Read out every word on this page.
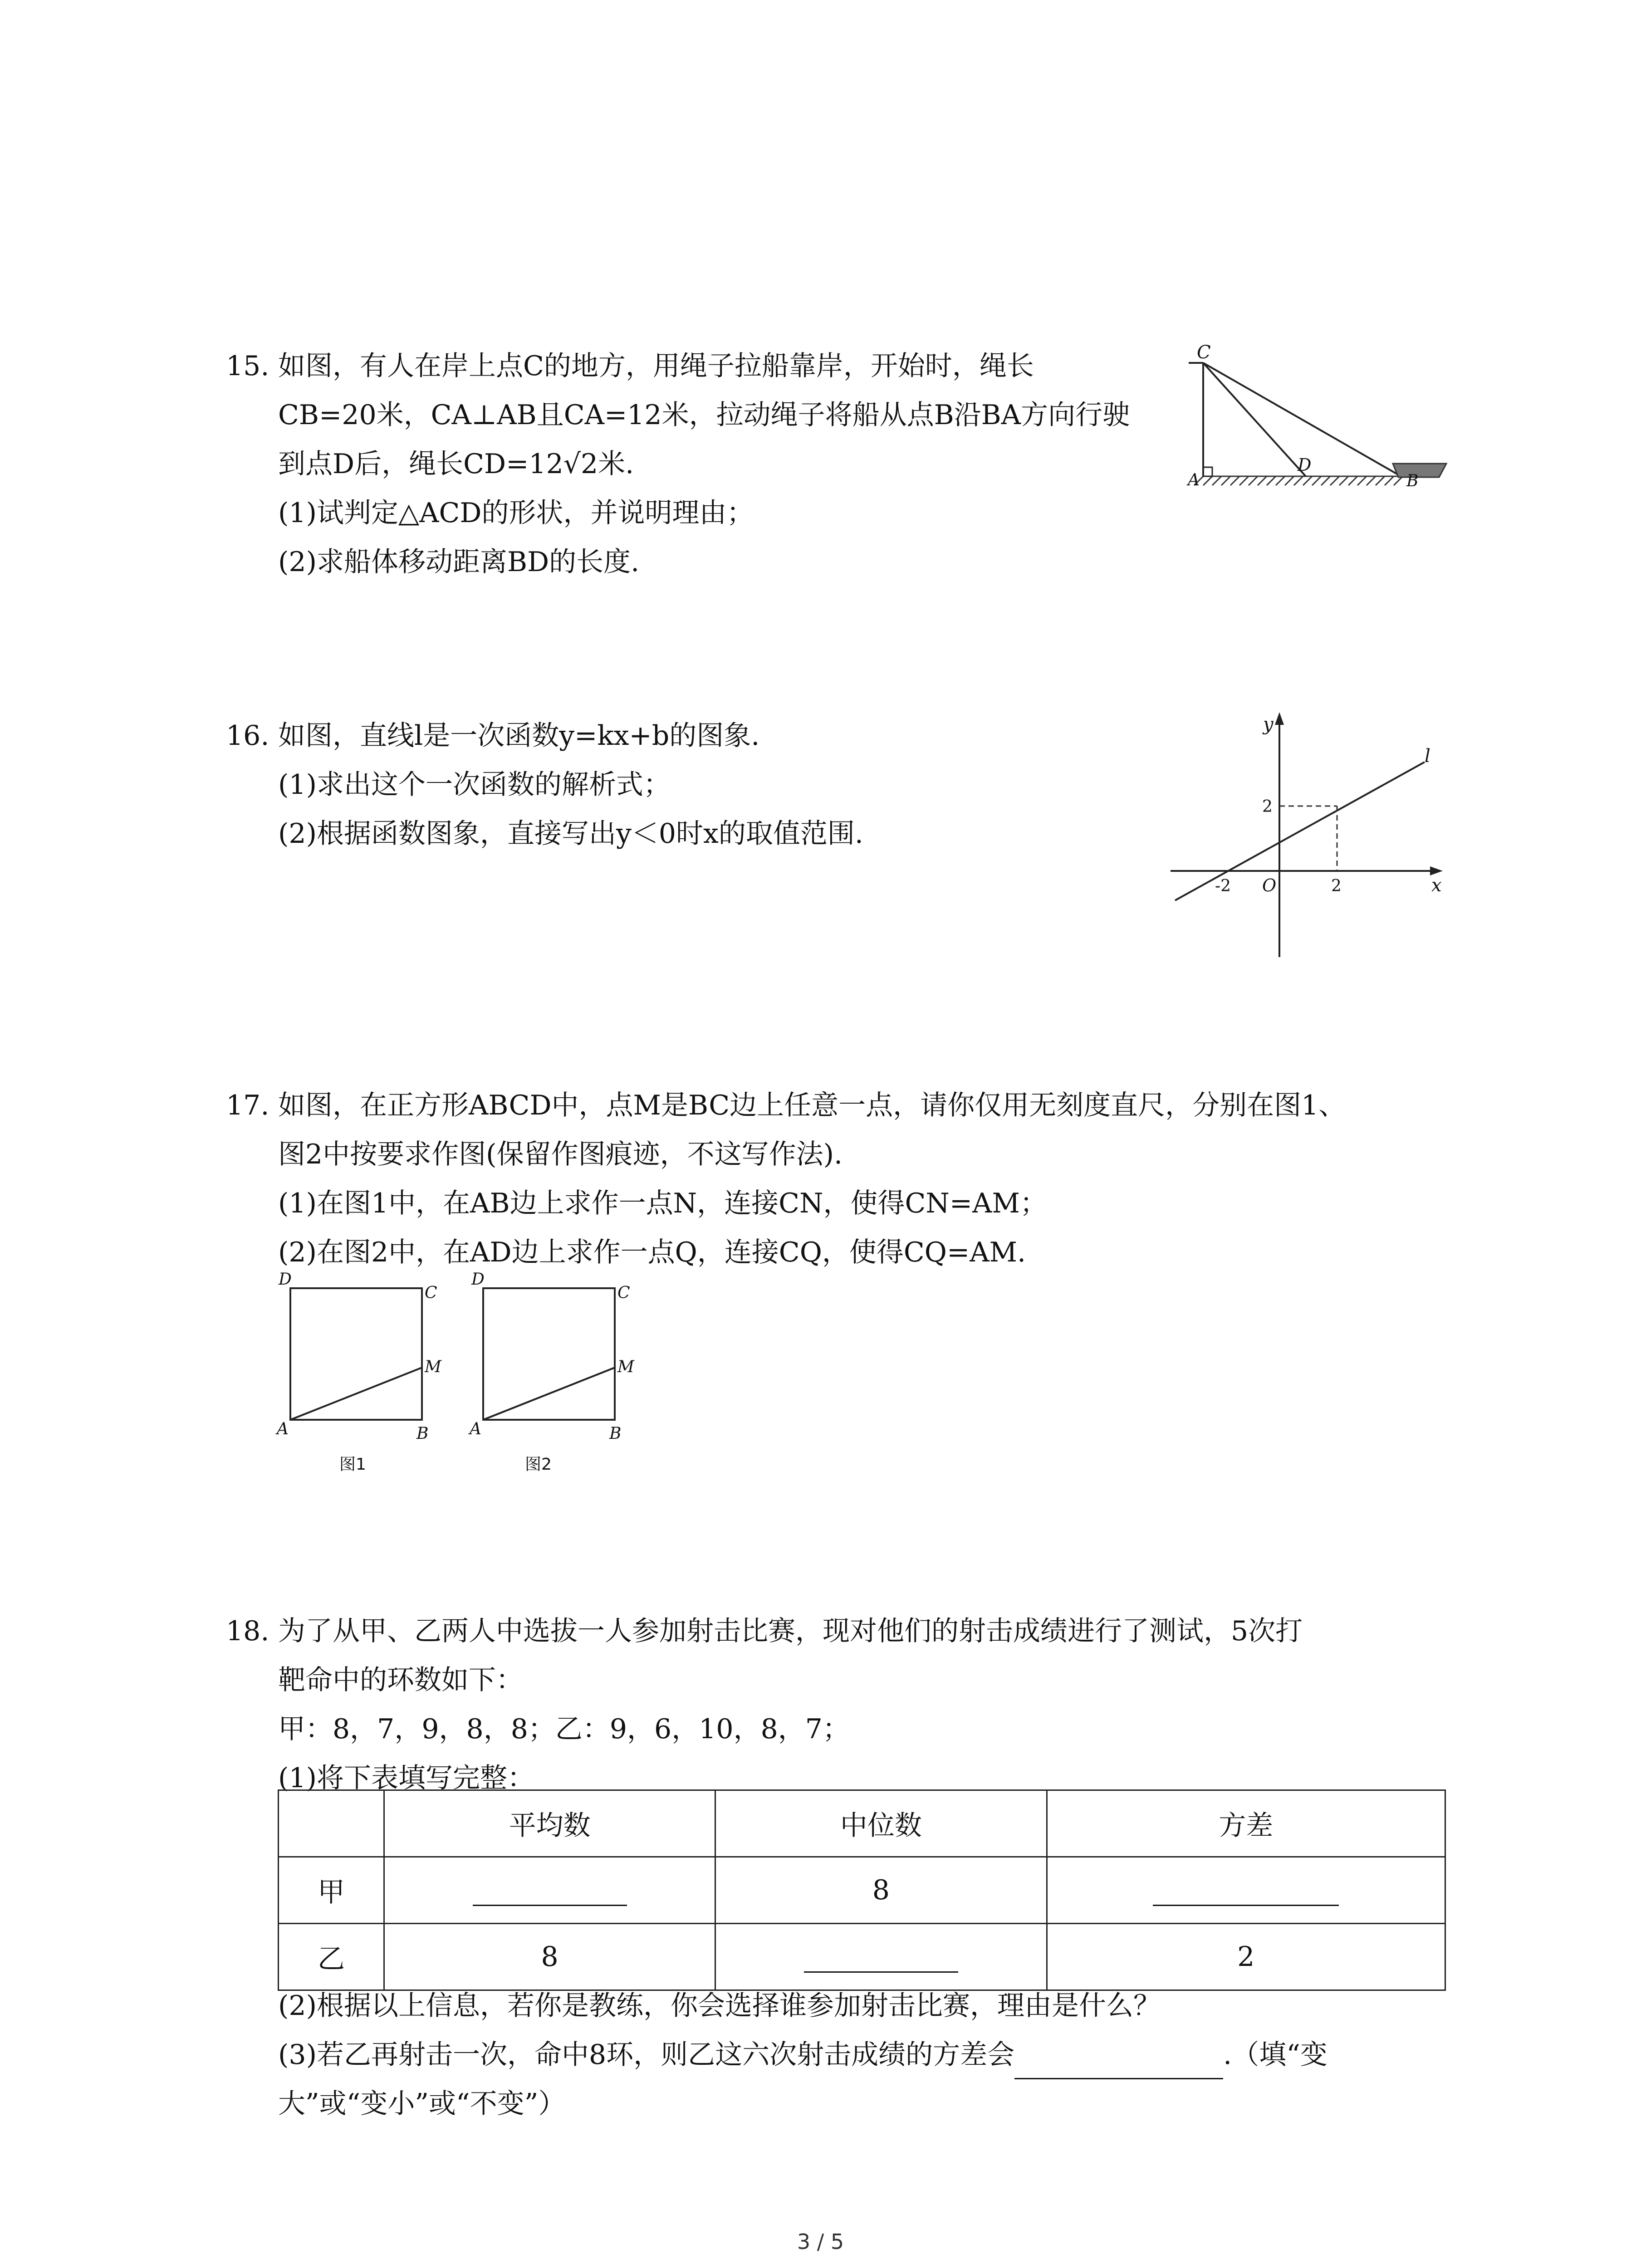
15. 如图，有人在岸上点C的地方，用绳子拉船靠岸，开始时，绳长
CB=20米，CA⊥AB且CA=12米，拉动绳子将船从点B沿BA方向行驶
到点D后，绳长CD=12√2米.
(1)试判定△ACD的形状，并说明理由；
(2)求船体移动距离BD的长度.
C
A
D
B
16. 如图，直线l是一次函数y=kx+b的图象.
(1)求出这个一次函数的解析式；
(2)根据函数图象，直接写出y＜0时x的取值范围.
y
x
l
O
-2	2
2
17. 如图，在正方形ABCD中，点M是BC边上任意一点，请你仅用无刻度直尺，分别在图1、
图2中按要求作图(保留作图痕迹，不这写作法).
(1)在图1中，在AB边上求作一点N，连接CN，使得CN=AM；
(2)在图2中，在AD边上求作一点Q，连接CQ，使得CQ=AM.
D
C
M
A	B
图1
D
C
M
A	B
图2
18. 为了从甲、乙两人中选拔一人参加射击比赛，现对他们的射击成绩进行了测试，5次打
靶命中的环数如下：
甲：8，7，9，8，8；乙：9，6，10，8，7；
(1)将下表填写完整：
	平均数	中位数	方差
甲		8	
乙	8		2
(2)根据以上信息，若你是教练，你会选择谁参加射击比赛，理由是什么？
(3)若乙再射击一次，命中8环，则乙这六次射击成绩的方差会	.（填“变
大”或“变小”或“不变”）
3 / 5
